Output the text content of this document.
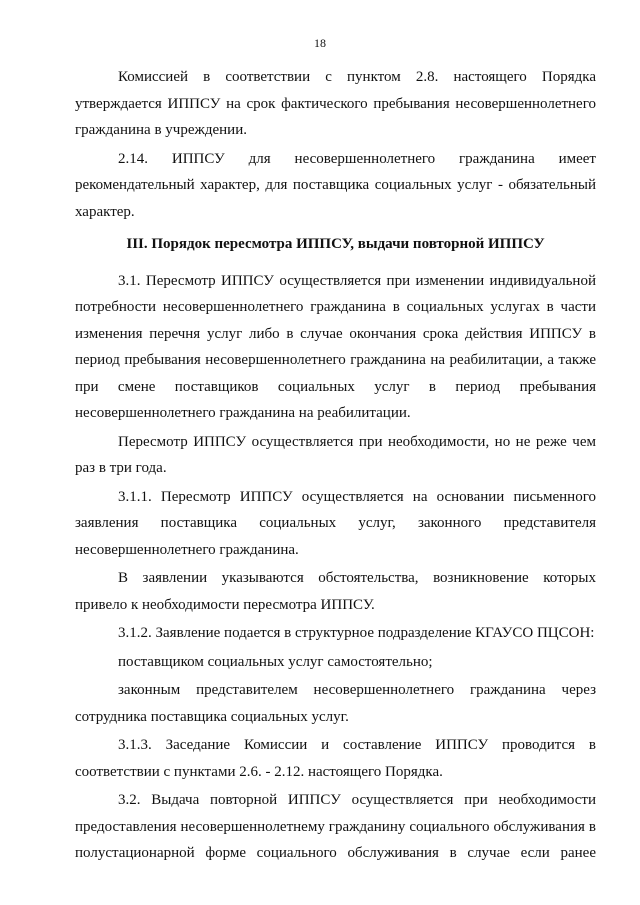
18

Комиссией в соответствии с пунктом 2.8. настоящего Порядка утверждается ИППСУ на срок фактического пребывания несовершеннолетнего гражданина в учреждении.

2.14. ИППСУ для несовершеннолетнего гражданина имеет рекомендательный характер, для поставщика социальных услуг - обязательный характер.

III. Порядок пересмотра ИППСУ, выдачи повторной ИППСУ

3.1. Пересмотр ИППСУ осуществляется при изменении индивидуальной потребности несовершеннолетнего гражданина в социальных услугах в части изменения перечня услуг либо в случае окончания срока действия ИППСУ в период пребывания несовершеннолетнего гражданина на реабилитации, а также при смене поставщиков социальных услуг в период пребывания несовершеннолетнего гражданина на реабилитации.

Пересмотр ИППСУ осуществляется при необходимости, но не реже чем раз в три года.

3.1.1. Пересмотр ИППСУ осуществляется на основании письменного заявления поставщика социальных услуг, законного представителя несовершеннолетнего гражданина.

В заявлении указываются обстоятельства, возникновение которых привело к необходимости пересмотра ИППСУ.

3.1.2. Заявление подается в структурное подразделение КГАУСО ПЦСОН:

поставщиком социальных услуг самостоятельно;

законным представителем несовершеннолетнего гражданина через сотрудника поставщика социальных услуг.

3.1.3. Заседание Комиссии и составление ИППСУ проводится в соответствии с пунктами 2.6. - 2.12. настоящего Порядка.

3.2. Выдача повторной ИППСУ осуществляется при необходимости предоставления несовершеннолетнему гражданину социального обслуживания в полустационарной форме социального обслуживания в случае если ранее
